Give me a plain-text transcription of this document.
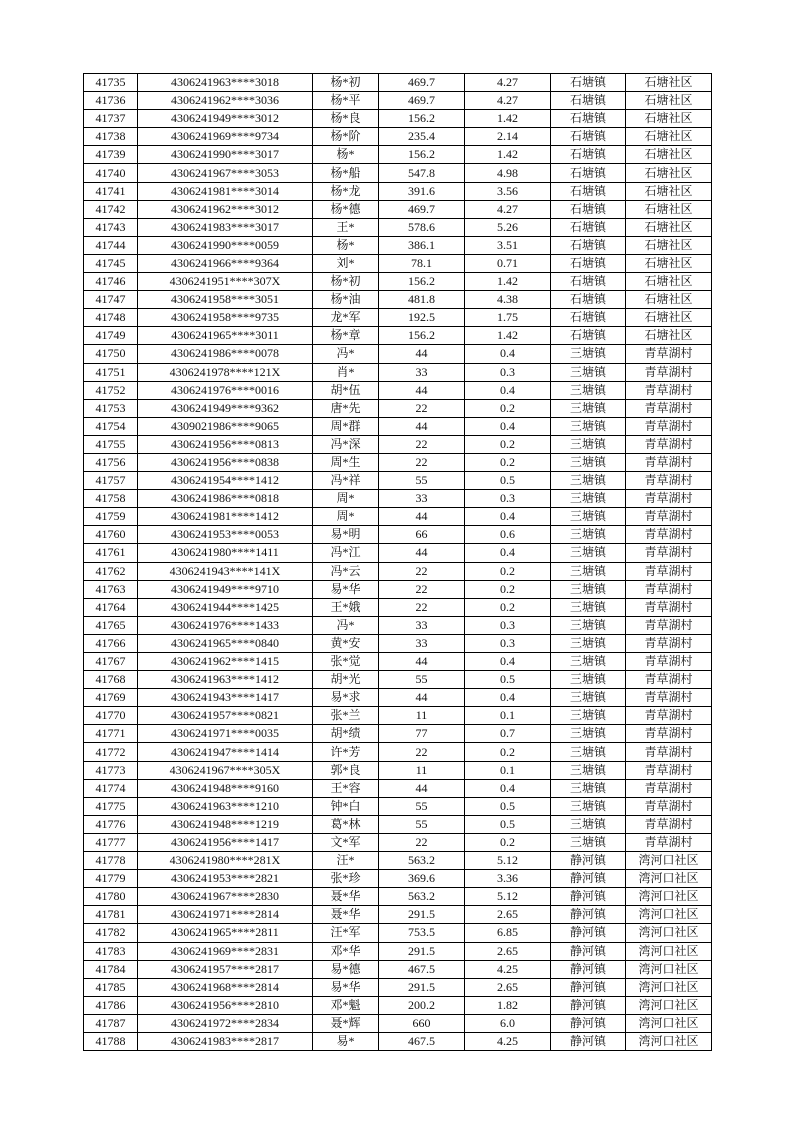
41735	4306241963****3018	杨*初	469.7	4.27	石塘镇	石塘社区
41736	4306241962****3036	杨*平	469.7	4.27	石塘镇	石塘社区
41737	4306241949****3012	杨*良	156.2	1.42	石塘镇	石塘社区
41738	4306241969****9734	杨*阶	235.4	2.14	石塘镇	石塘社区
41739	4306241990****3017	杨*	156.2	1.42	石塘镇	石塘社区
41740	4306241967****3053	杨*船	547.8	4.98	石塘镇	石塘社区
41741	4306241981****3014	杨*龙	391.6	3.56	石塘镇	石塘社区
41742	4306241962****3012	杨*德	469.7	4.27	石塘镇	石塘社区
41743	4306241983****3017	王*	578.6	5.26	石塘镇	石塘社区
41744	4306241990****0059	杨*	386.1	3.51	石塘镇	石塘社区
41745	4306241966****9364	刘*	78.1	0.71	石塘镇	石塘社区
41746	4306241951****307X	杨*初	156.2	1.42	石塘镇	石塘社区
41747	4306241958****3051	杨*油	481.8	4.38	石塘镇	石塘社区
41748	4306241958****9735	龙*军	192.5	1.75	石塘镇	石塘社区
41749	4306241965****3011	杨*章	156.2	1.42	石塘镇	石塘社区
41750	4306241986****0078	冯*	44	0.4	三塘镇	青草湖村
41751	4306241978****121X	肖*	33	0.3	三塘镇	青草湖村
41752	4306241976****0016	胡*伍	44	0.4	三塘镇	青草湖村
41753	4306241949****9362	唐*先	22	0.2	三塘镇	青草湖村
41754	4309021986****9065	周*群	44	0.4	三塘镇	青草湖村
41755	4306241956****0813	冯*深	22	0.2	三塘镇	青草湖村
41756	4306241956****0838	周*生	22	0.2	三塘镇	青草湖村
41757	4306241954****1412	冯*祥	55	0.5	三塘镇	青草湖村
41758	4306241986****0818	周*	33	0.3	三塘镇	青草湖村
41759	4306241981****1412	周*	44	0.4	三塘镇	青草湖村
41760	4306241953****0053	易*明	66	0.6	三塘镇	青草湖村
41761	4306241980****1411	冯*江	44	0.4	三塘镇	青草湖村
41762	4306241943****141X	冯*云	22	0.2	三塘镇	青草湖村
41763	4306241949****9710	易*华	22	0.2	三塘镇	青草湖村
41764	4306241944****1425	王*娥	22	0.2	三塘镇	青草湖村
41765	4306241976****1433	冯*	33	0.3	三塘镇	青草湖村
41766	4306241965****0840	黄*安	33	0.3	三塘镇	青草湖村
41767	4306241962****1415	张*觉	44	0.4	三塘镇	青草湖村
41768	4306241963****1412	胡*光	55	0.5	三塘镇	青草湖村
41769	4306241943****1417	易*求	44	0.4	三塘镇	青草湖村
41770	4306241957****0821	张*兰	11	0.1	三塘镇	青草湖村
41771	4306241971****0035	胡*绩	77	0.7	三塘镇	青草湖村
41772	4306241947****1414	许*芳	22	0.2	三塘镇	青草湖村
41773	4306241967****305X	郭*良	11	0.1	三塘镇	青草湖村
41774	4306241948****9160	王*容	44	0.4	三塘镇	青草湖村
41775	4306241963****1210	钟*白	55	0.5	三塘镇	青草湖村
41776	4306241948****1219	葛*林	55	0.5	三塘镇	青草湖村
41777	4306241956****1417	文*军	22	0.2	三塘镇	青草湖村
41778	4306241980****281X	汪*	563.2	5.12	静河镇	湾河口社区
41779	4306241953****2821	张*珍	369.6	3.36	静河镇	湾河口社区
41780	4306241967****2830	聂*华	563.2	5.12	静河镇	湾河口社区
41781	4306241971****2814	聂*华	291.5	2.65	静河镇	湾河口社区
41782	4306241965****2811	汪*军	753.5	6.85	静河镇	湾河口社区
41783	4306241969****2831	邓*华	291.5	2.65	静河镇	湾河口社区
41784	4306241957****2817	易*德	467.5	4.25	静河镇	湾河口社区
41785	4306241968****2814	易*华	291.5	2.65	静河镇	湾河口社区
41786	4306241956****2810	邓*魁	200.2	1.82	静河镇	湾河口社区
41787	4306241972****2834	聂*辉	660	6.0	静河镇	湾河口社区
41788	4306241983****2817	易*	467.5	4.25	静河镇	湾河口社区
